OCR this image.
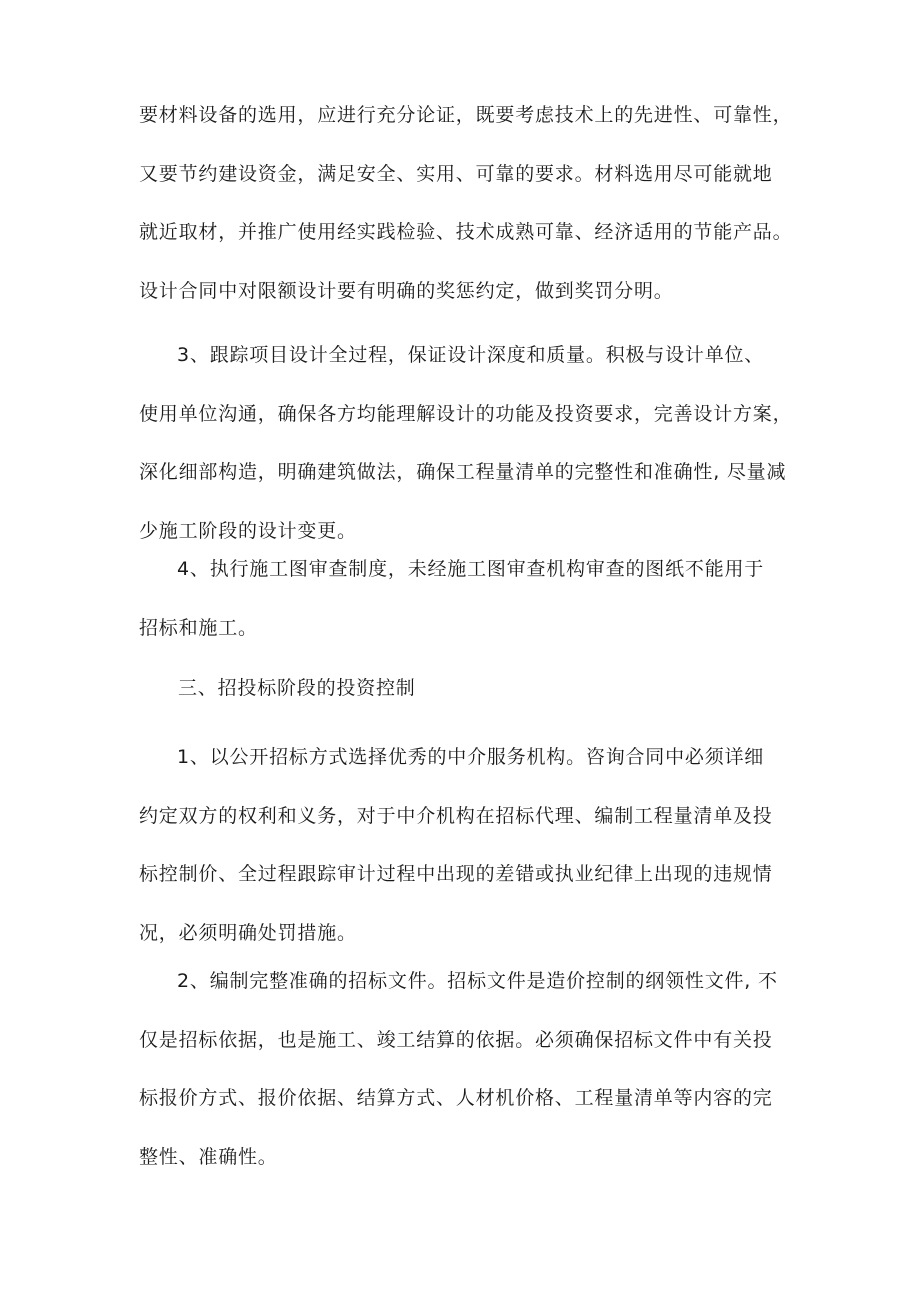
要材料设备的选用，应进行充分论证，既要考虑技术上的先进性、可靠性，
又要节约建设资金，满足安全、实用、可靠的要求。材料选用尽可能就地
就近取材，并推广使用经实践检验、技术成熟可靠、经济适用的节能产品。
设计合同中对限额设计要有明确的奖惩约定，做到奖罚分明。
3、跟踪项目设计全过程，保证设计深度和质量。积极与设计单位、
使用单位沟通，确保各方均能理解设计的功能及投资要求，完善设计方案，
深化细部构造，明确建筑做法，确保工程量清单的完整性和准确性, 尽量减
少施工阶段的设计变更。
4、执行施工图审查制度，未经施工图审查机构审查的图纸不能用于
招标和施工。
三、招投标阶段的投资控制
1、以公开招标方式选择优秀的中介服务机构。咨询合同中必须详细
约定双方的权利和义务，对于中介机构在招标代理、编制工程量清单及投
标控制价、全过程跟踪审计过程中出现的差错或执业纪律上出现的违规情
况，必须明确处罚措施。
2、编制完整准确的招标文件。招标文件是造价控制的纲领性文件, 不
仅是招标依据，也是施工、竣工结算的依据。必须确保招标文件中有关投
标报价方式、报价依据、结算方式、人材机价格、工程量清单等内容的完
整性、准确性。
